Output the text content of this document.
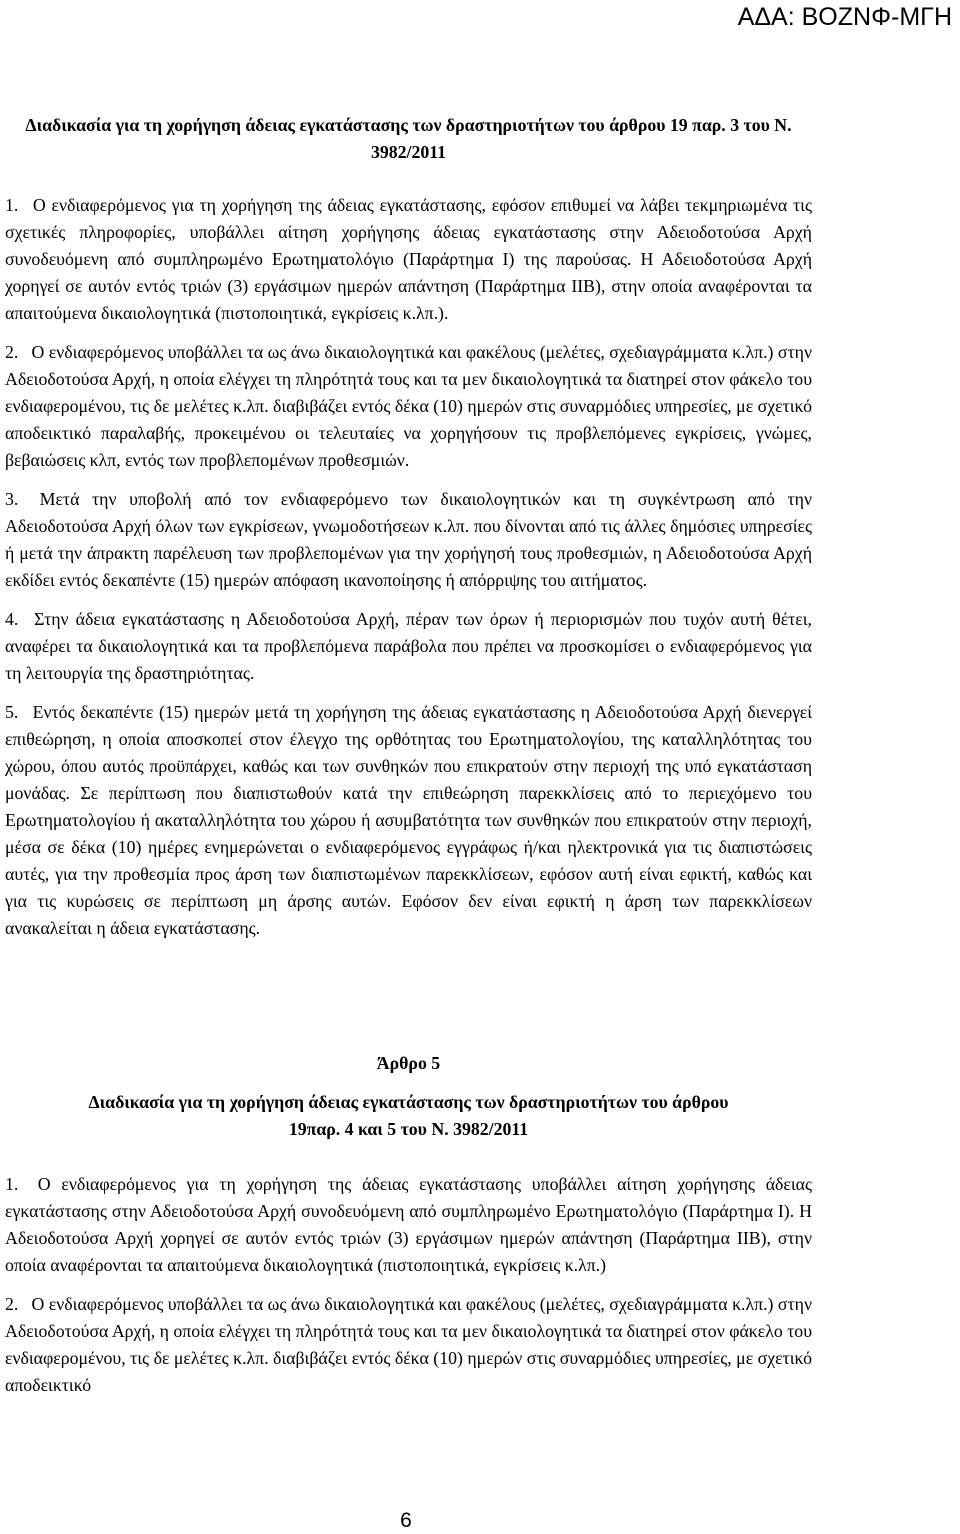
ΑΔΑ: ΒΟΖΝΦ-ΜΓΗ

Διαδικασία για τη χορήγηση άδειας εγκατάστασης των δραστηριοτήτων του άρθρου 19 παρ. 3 του Ν. 3982/2011

1. Ο ενδιαφερόμενος για τη χορήγηση της άδειας εγκατάστασης, εφόσον επιθυμεί να λάβει τεκμηριωμένα τις σχετικές πληροφορίες, υποβάλλει αίτηση χορήγησης άδειας εγκατάστασης στην Αδειοδοτούσα Αρχή συνοδευόμενη από συμπληρωμένο Ερωτηματολόγιο (Παράρτημα Ι) της παρούσας. Η Αδειοδοτούσα Αρχή χορηγεί σε αυτόν εντός τριών (3) εργάσιμων ημερών απάντηση (Παράρτημα ΙΙΒ), στην οποία αναφέρονται τα απαιτούμενα δικαιολογητικά (πιστοποιητικά, εγκρίσεις κ.λπ.).

2. Ο ενδιαφερόμενος υποβάλλει τα ως άνω δικαιολογητικά και φακέλους (μελέτες, σχεδιαγράμματα κ.λπ.) στην Αδειοδοτούσα Αρχή, η οποία ελέγχει τη πληρότητά τους και τα μεν δικαιολογητικά τα διατηρεί στον φάκελο του ενδιαφερομένου, τις δε μελέτες κ.λπ. διαβιβάζει εντός δέκα (10) ημερών στις συναρμόδιες υπηρεσίες, με σχετικό αποδεικτικό παραλαβής, προκειμένου οι τελευταίες να χορηγήσουν τις προβλεπόμενες εγκρίσεις, γνώμες, βεβαιώσεις κλπ, εντός των προβλεπομένων προθεσμιών.

3. Μετά την υποβολή από τον ενδιαφερόμενο των δικαιολογητικών και τη συγκέντρωση από την Αδειοδοτούσα Αρχή όλων των εγκρίσεων, γνωμοδοτήσεων κ.λπ. που δίνονται από τις άλλες δημόσιες υπηρεσίες ή μετά την άπρακτη παρέλευση των προβλεπομένων για την χορήγησή τους προθεσμιών, η Αδειοδοτούσα Αρχή εκδίδει εντός δεκαπέντε (15) ημερών απόφαση ικανοποίησης ή απόρριψης του αιτήματος.

4. Στην άδεια εγκατάστασης η Αδειοδοτούσα Αρχή, πέραν των όρων ή περιορισμών που τυχόν αυτή θέτει, αναφέρει τα δικαιολογητικά και τα προβλεπόμενα παράβολα που πρέπει να προσκομίσει ο ενδιαφερόμενος για τη λειτουργία της δραστηριότητας.

5. Εντός δεκαπέντε (15) ημερών μετά τη χορήγηση της άδειας εγκατάστασης η Αδειοδοτούσα Αρχή διενεργεί επιθεώρηση, η οποία αποσκοπεί στον έλεγχο της ορθότητας του Ερωτηματολογίου, της καταλληλότητας του χώρου, όπου αυτός προϋπάρχει, καθώς και των συνθηκών που επικρατούν στην περιοχή της υπό εγκατάσταση μονάδας. Σε περίπτωση που διαπιστωθούν κατά την επιθεώρηση παρεκκλίσεις από το περιεχόμενο του Ερωτηματολογίου ή ακαταλληλότητα του χώρου ή ασυμβατότητα των συνθηκών που επικρατούν στην περιοχή, μέσα σε δέκα (10) ημέρες ενημερώνεται ο ενδιαφερόμενος εγγράφως ή/και ηλεκτρονικά για τις διαπιστώσεις αυτές, για την προθεσμία προς άρση των διαπιστωμένων παρεκκλίσεων, εφόσον αυτή είναι εφικτή, καθώς και για τις κυρώσεις σε περίπτωση μη άρσης αυτών. Εφόσον δεν είναι εφικτή η άρση των παρεκκλίσεων ανακαλείται η άδεια εγκατάστασης.

Άρθρο 5

Διαδικασία για τη χορήγηση άδειας εγκατάστασης των δραστηριοτήτων του άρθρου

19παρ. 4 και 5 του Ν. 3982/2011

1. Ο ενδιαφερόμενος για τη χορήγηση της άδειας εγκατάστασης υποβάλλει αίτηση χορήγησης άδειας εγκατάστασης στην Αδειοδοτούσα Αρχή συνοδευόμενη από συμπληρωμένο Ερωτηματολόγιο (Παράρτημα Ι). Η Αδειοδοτούσα Αρχή χορηγεί σε αυτόν εντός τριών (3) εργάσιμων ημερών απάντηση (Παράρτημα ΙΙΒ), στην οποία αναφέρονται τα απαιτούμενα δικαιολογητικά (πιστοποιητικά, εγκρίσεις κ.λπ.)

2. Ο ενδιαφερόμενος υποβάλλει τα ως άνω δικαιολογητικά και φακέλους (μελέτες, σχεδιαγράμματα κ.λπ.) στην Αδειοδοτούσα Αρχή, η οποία ελέγχει τη πληρότητά τους και τα μεν δικαιολογητικά τα διατηρεί στον φάκελο του ενδιαφερομένου, τις δε μελέτες κ.λπ. διαβιβάζει εντός δέκα (10) ημερών στις συναρμόδιες υπηρεσίες, με σχετικό αποδεικτικό

6
